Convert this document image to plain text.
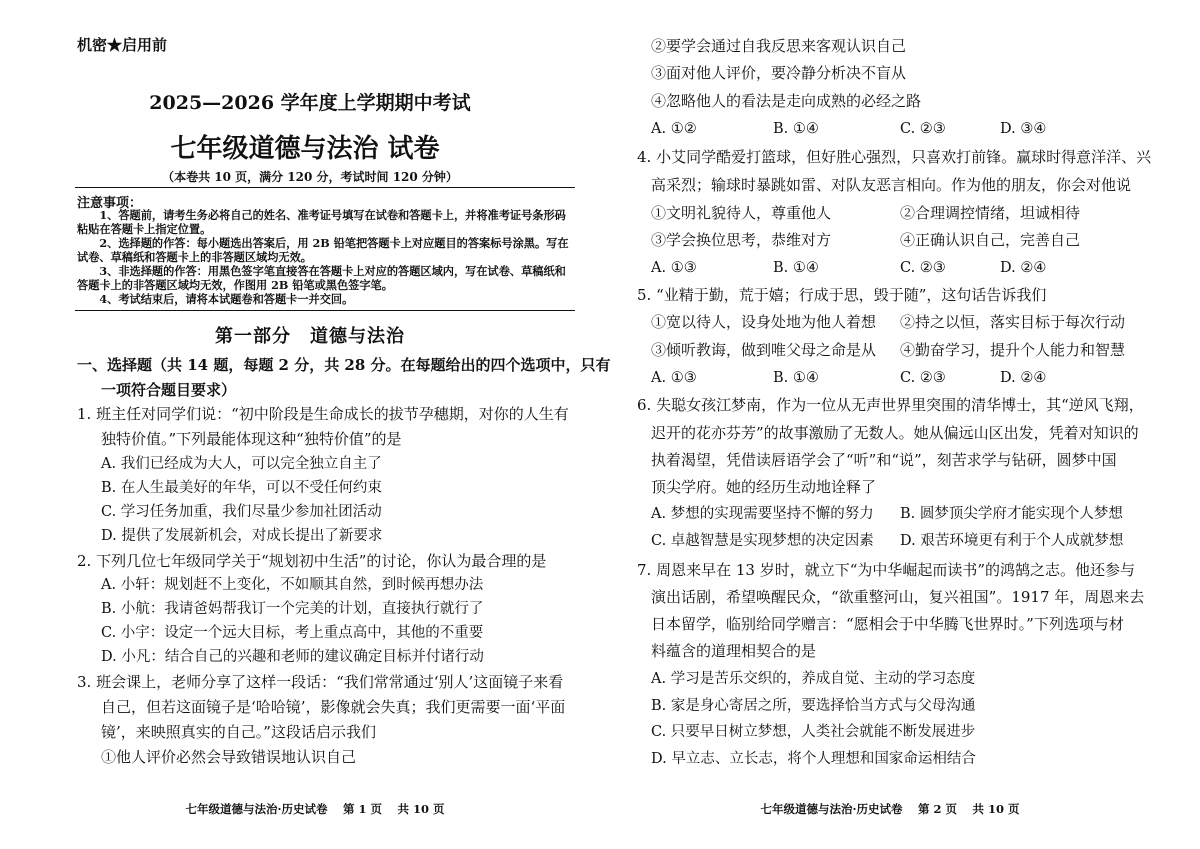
机密★启用前
2025—2026 学年度上学期期中考试
七年级道德与法治 试卷
（本卷共 10 页，满分 120 分，考试时间 120 分钟）
注意事项：
1、答题前，请考生务必将自己的姓名、准考证号填写在试卷和答题卡上，并将准考证号条形码粘贴在答题卡上指定位置。
2、选择题的作答：每小题选出答案后，用 2B 铅笔把答题卡上对应题目的答案标号涂黑。写在试卷、草稿纸和答题卡上的非答题区域均无效。
3、非选择题的作答：用黑色签字笔直接答在答题卡上对应的答题区域内，写在试卷、草稿纸和答题卡上的非答题区域均无效，作图用 2B 铅笔或黑色签字笔。
4、考试结束后，请将本试题卷和答题卡一并交回。
第一部分　道德与法治
一、选择题（共 14 题，每题 2 分，共 28 分。在每题给出的四个选项中，只有
一项符合题目要求）
1. 班主任对同学们说：“初中阶段是生命成长的拔节孕穗期，对你的人生有
独特价值。”下列最能体现这种“独特价值”的是
A. 我们已经成为大人，可以完全独立自主了
B. 在人生最美好的年华，可以不受任何约束
C. 学习任务加重，我们尽量少参加社团活动
D. 提供了发展新机会，对成长提出了新要求
2. 下列几位七年级同学关于“规划初中生活”的讨论，你认为最合理的是
A. 小轩：规划赶不上变化，不如顺其自然，到时候再想办法
B. 小航：我请爸妈帮我订一个完美的计划，直接执行就行了
C. 小宇：设定一个远大目标，考上重点高中，其他的不重要
D. 小凡：结合自己的兴趣和老师的建议确定目标并付诸行动
3. 班会课上，老师分享了这样一段话：“我们常常通过‘别人’这面镜子来看
自己，但若这面镜子是‘哈哈镜’，影像就会失真；我们更需要一面‘平面
镜’，来映照真实的自己。”这段话启示我们
①他人评价必然会导致错误地认识自己
七年级道德与法治·历史试卷　 第 1 页　 共 10 页
②要学会通过自我反思来客观认识自己
③面对他人评价，要冷静分析决不盲从
④忽略他人的看法是走向成熟的必经之路
A. ①②	B. ①④	C. ②③	D. ③④
4. 小艾同学酷爱打篮球，但好胜心强烈，只喜欢打前锋。赢球时得意洋洋、兴
高采烈；输球时暴跳如雷、对队友恶言相向。作为他的朋友，你会对他说
①文明礼貌待人，尊重他人	②合理调控情绪，坦诚相待
③学会换位思考，恭维对方	④正确认识自己，完善自己
A. ①③	B. ①④	C. ②③	D. ②④
5. “业精于勤，荒于嬉；行成于思，毁于随”，这句话告诉我们
①宽以待人，设身处地为他人着想 ②持之以恒，落实目标于每次行动
③倾听教诲，做到唯父母之命是从 ④勤奋学习，提升个人能力和智慧
A. ①③	B. ①④	C. ②③	D. ②④
6. 失聪女孩江梦南，作为一位从无声世界里突围的清华博士，其“逆风飞翔，
迟开的花亦芬芳”的故事激励了无数人。她从偏远山区出发，凭着对知识的
执着渴望，凭借读唇语学会了“听”和“说”，刻苦求学与钻研，圆梦中国
顶尖学府。她的经历生动地诠释了
A. 梦想的实现需要坚持不懈的努力 B. 圆梦顶尖学府才能实现个人梦想
C. 卓越智慧是实现梦想的决定因素 D. 艰苦环境更有利于个人成就梦想
7. 周恩来早在 13 岁时，就立下“为中华崛起而读书”的鸿鹄之志。他还参与
演出话剧，希望唤醒民众，“欲重整河山，复兴祖国”。1917 年，周恩来去
日本留学，临别给同学赠言：“愿相会于中华腾飞世界时。”下列选项与材
料蕴含的道理相契合的是
A. 学习是苦乐交织的，养成自觉、主动的学习态度
B. 家是身心寄居之所，要选择恰当方式与父母沟通
C. 只要早日树立梦想，人类社会就能不断发展进步
D. 早立志、立长志，将个人理想和国家命运相结合
七年级道德与法治·历史试卷　 第 2 页　 共 10 页
